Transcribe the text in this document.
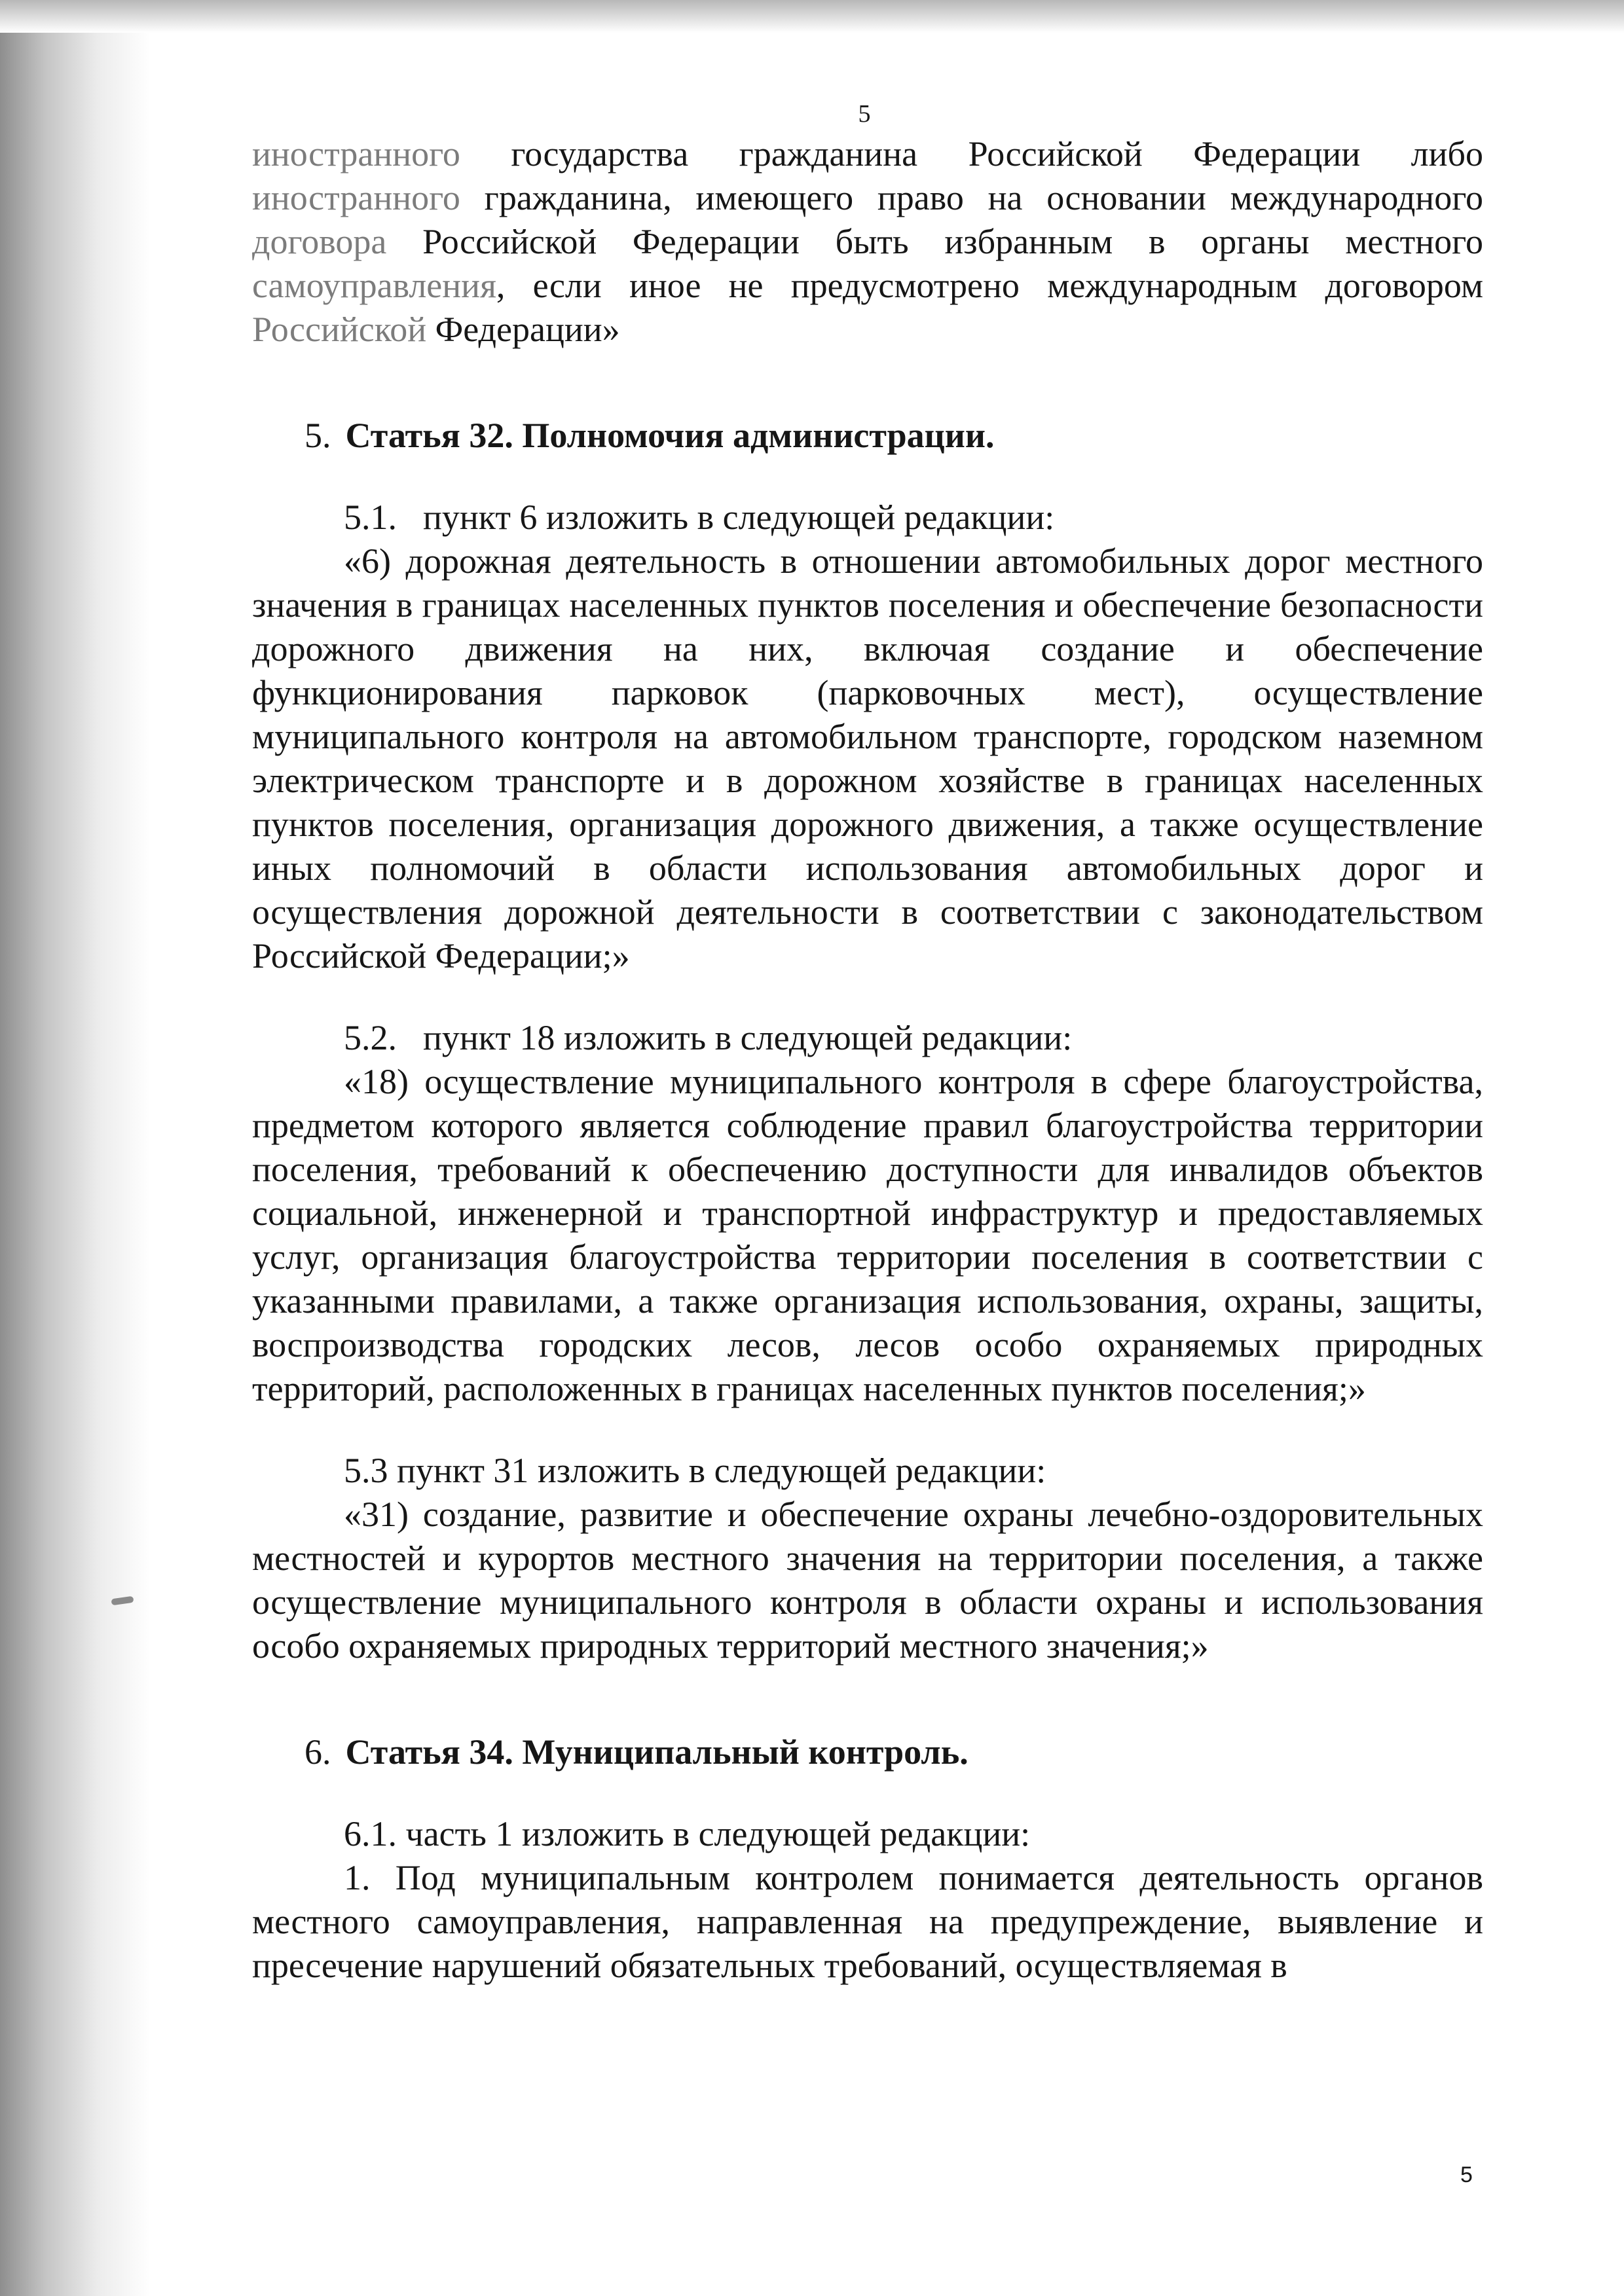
5

иностранного государства гражданина Российской Федерации либо иностранного гражданина, имеющего право на основании международного договора Российской Федерации быть избранным в органы местного самоуправления, если иное не предусмотрено международным договором Российской Федерации»

5. Статья 32. Полномочия администрации.

5.1. пункт 6 изложить в следующей редакции:

«6) дорожная деятельность в отношении автомобильных дорог местного значения в границах населенных пунктов поселения и обеспечение безопасности дорожного движения на них, включая создание и обеспечение функционирования парковок (парковочных мест), осуществление муниципального контроля на автомобильном транспорте, городском наземном электрическом транспорте и в дорожном хозяйстве в границах населенных пунктов поселения, организация дорожного движения, а также осуществление иных полномочий в области использования автомобильных дорог и осуществления дорожной деятельности в соответствии с законодательством Российской Федерации;»

5.2. пункт 18 изложить в следующей редакции:

«18) осуществление муниципального контроля в сфере благоустройства, предметом которого является соблюдение правил благоустройства территории поселения, требований к обеспечению доступности для инвалидов объектов социальной, инженерной и транспортной инфраструктур и предоставляемых услуг, организация благоустройства территории поселения в соответствии с указанными правилами, а также организация использования, охраны, защиты, воспроизводства городских лесов, лесов особо охраняемых природных территорий, расположенных в границах населенных пунктов поселения;»

5.3 пункт 31 изложить в следующей редакции:

«31) создание, развитие и обеспечение охраны лечебно-оздоровительных местностей и курортов местного значения на территории поселения, а также осуществление муниципального контроля в области охраны и использования особо охраняемых природных территорий местного значения;»

6. Статья 34. Муниципальный контроль.

6.1. часть 1 изложить в следующей редакции:

1. Под муниципальным контролем понимается деятельность органов местного самоуправления, направленная на предупреждение, выявление и пресечение нарушений обязательных требований, осуществляемая в

5
